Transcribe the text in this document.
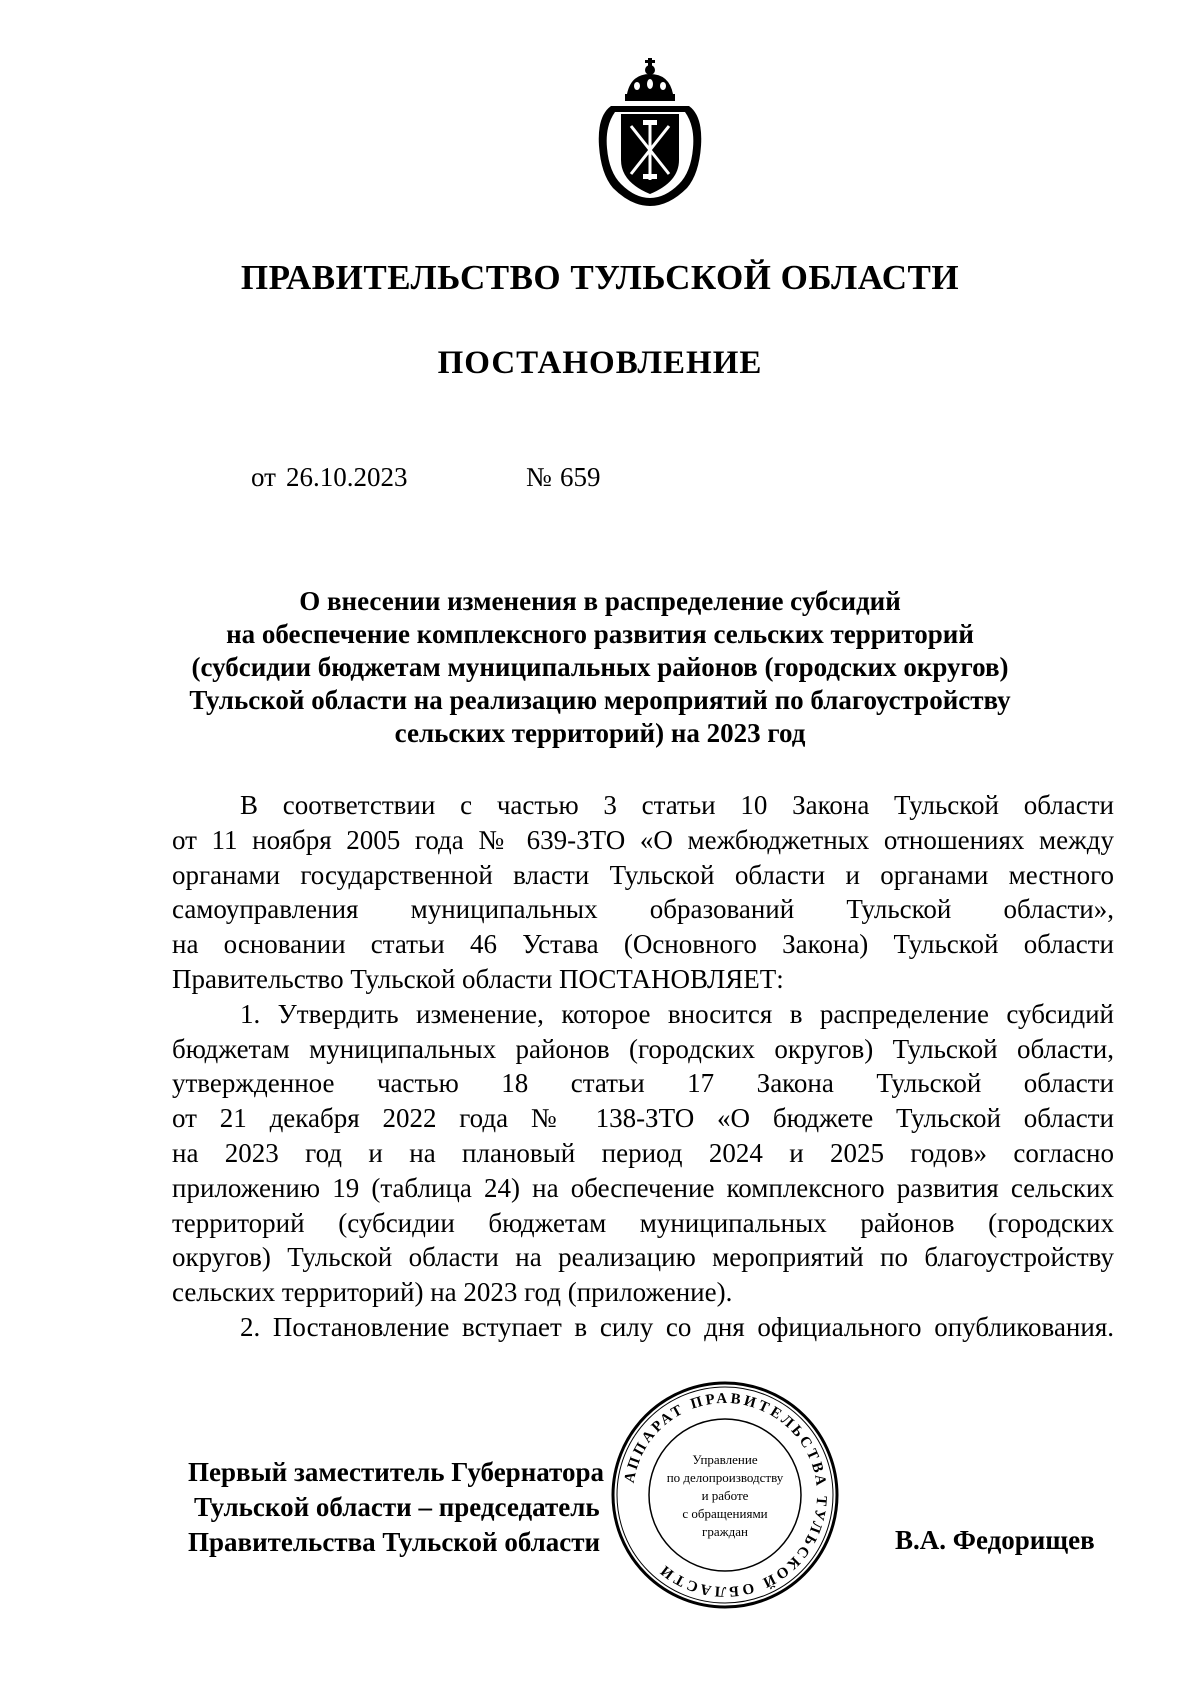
ПРАВИТЕЛЬСТВО ТУЛЬСКОЙ ОБЛАСТИ
ПОСТАНОВЛЕНИЕ
от 26.10.2023	№ 659
О внесении изменения в распределение субсидий
на обеспечение комплексного развития сельских территорий
(субсидии бюджетам муниципальных районов (городских округов)
Тульской области на реализацию мероприятий по благоустройству
сельских территорий) на 2023 год
В соответствии с частью 3 статьи 10 Закона Тульской области
от 11 ноября 2005 года № 639-ЗТО «О межбюджетных отношениях между
органами государственной власти Тульской области и органами местного
самоуправления муниципальных образований Тульской области»,
на основании статьи 46 Устава (Основного Закона) Тульской области
Правительство Тульской области ПОСТАНОВЛЯЕТ:
1. Утвердить изменение, которое вносится в распределение субсидий
бюджетам муниципальных районов (городских округов) Тульской области,
утвержденное частью 18 статьи 17 Закона Тульской области
от 21 декабря 2022 года № 138-ЗТО «О бюджете Тульской области
на 2023 год и на плановый период 2024 и 2025 годов» согласно
приложению 19 (таблица 24) на обеспечение комплексного развития сельских
территорий (субсидии бюджетам муниципальных районов (городских
округов) Тульской области на реализацию мероприятий по благоустройству
сельских территорий) на 2023 год (приложение).
2. Постановление вступает в силу со дня официального опубликования.
АППАРАТ ПРАВИТЕЛЬСТВА ТУЛЬСКОЙ ОБЛАСТИ
Управление
по делопроизводству
и работе
с обращениями
граждан
Первый заместитель Губернатора
Тульской области – председатель
Правительства Тульской области	В.А. Федорищев
